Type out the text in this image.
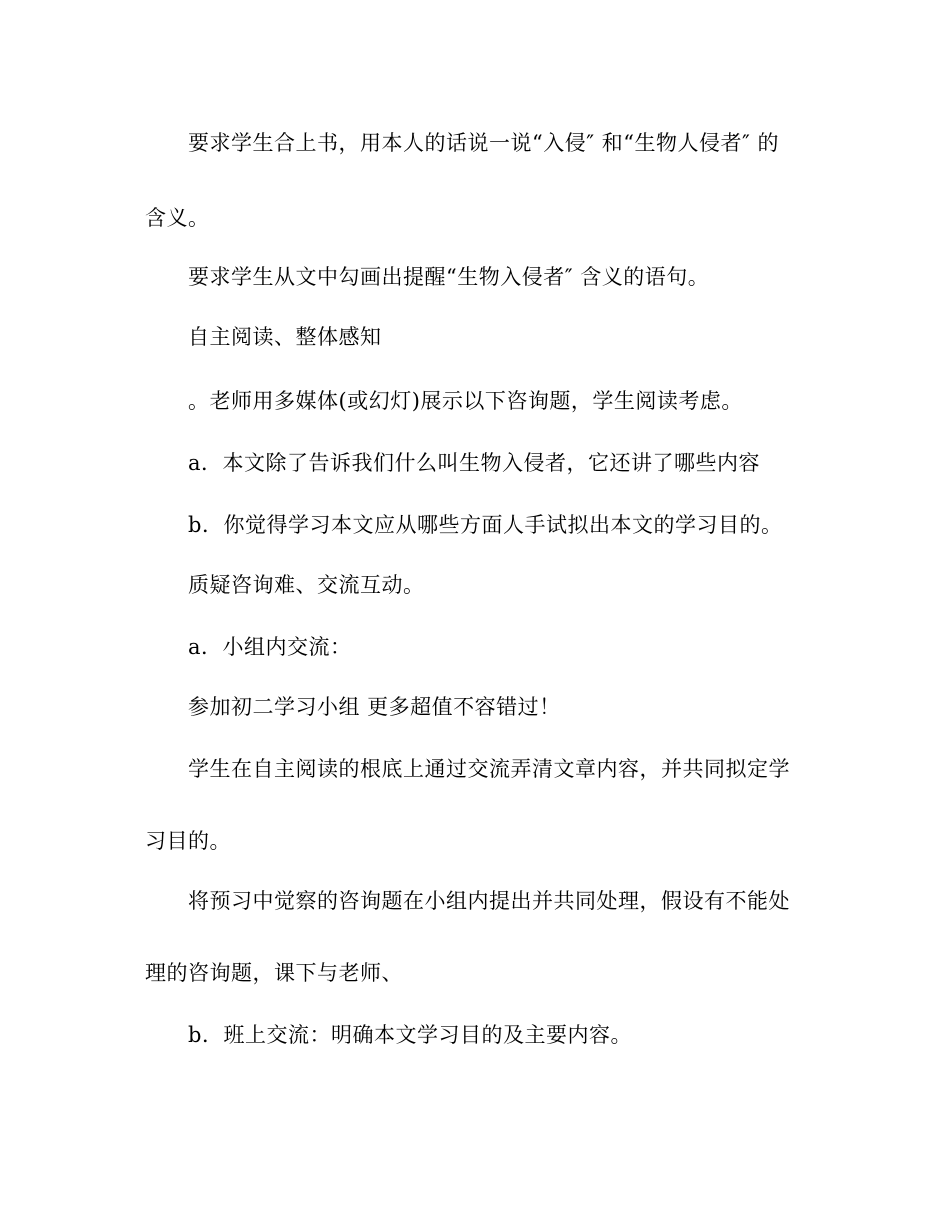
要求学生合上书，用本人的话说一说“入侵″ 和“生物人侵者″ 的
含义。
要求学生从文中勾画出提醒“生物入侵者″ 含义的语句。
自主阅读、整体感知
。老师用多媒体(或幻灯)展示以下咨询题，学生阅读考虑。
a．本文除了告诉我们什么叫生物入侵者，它还讲了哪些内容
b．你觉得学习本文应从哪些方面人手试拟出本文的学习目的。
质疑咨询难、交流互动。
a．小组内交流：
参加初二学习小组 更多超值不容错过！
学生在自主阅读的根底上通过交流弄清文章内容，并共同拟定学
习目的。
将预习中觉察的咨询题在小组内提出并共同处理，假设有不能处
理的咨询题，课下与老师、
b．班上交流：明确本文学习目的及主要内容。
